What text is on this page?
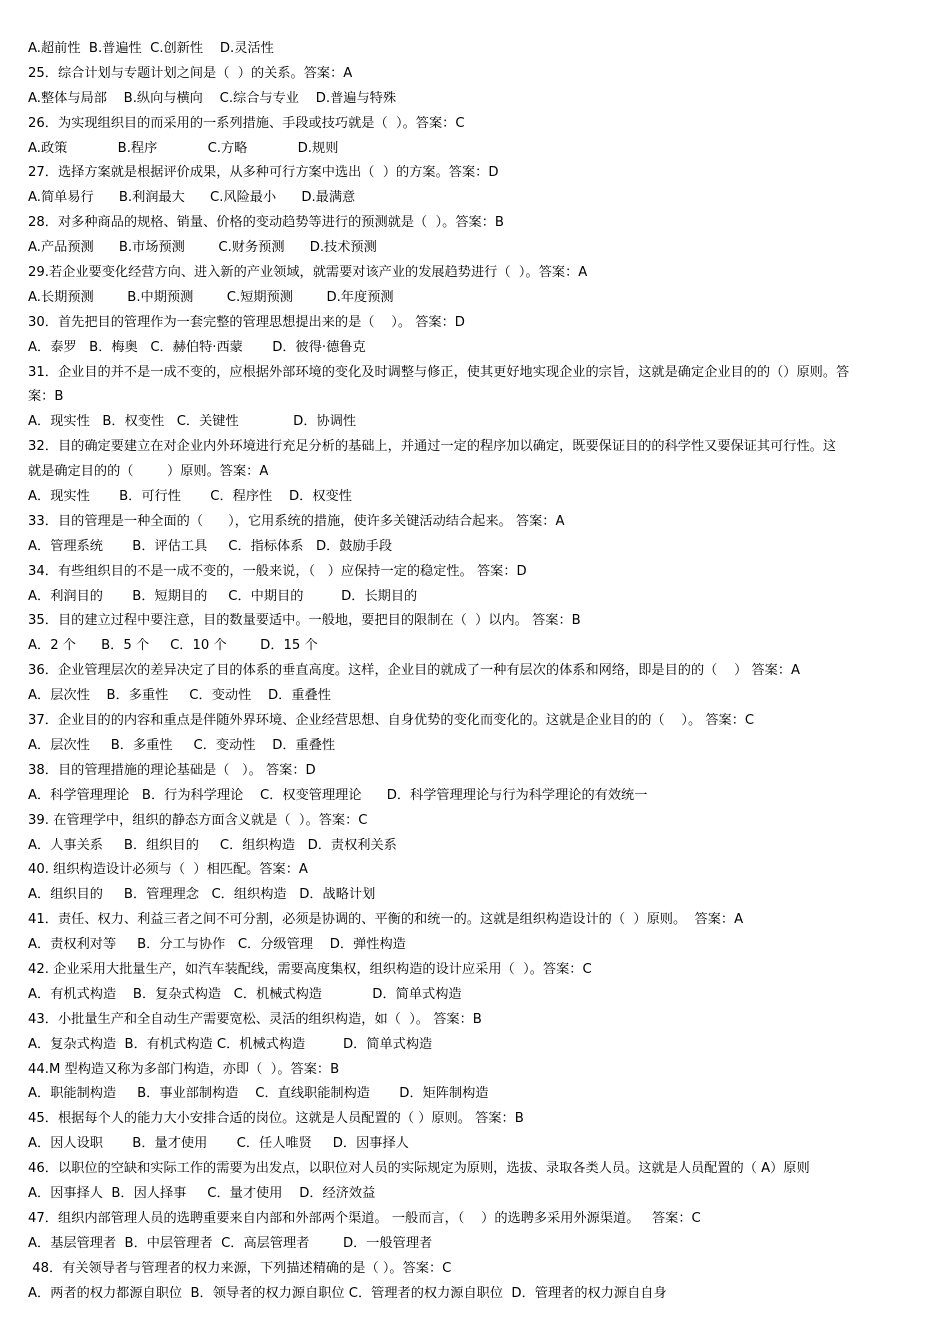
A.超前性  B.普遍性  C.创新性    D.灵活性
25．综合计划与专题计划之间是（  ）的关系。答案：A
A.整体与局部    B.纵向与横向    C.综合与专业    D.普遍与特殊
26．为实现组织目的而采用的一系列措施、手段或技巧就是（  ）。答案：C
A.政策            B.程序            C.方略            D.规则
27．选择方案就是根据评价成果，从多种可行方案中选出（  ）的方案。答案：D
A.简单易行      B.利润最大      C.风险最小      D.最满意
28．对多种商品的规格、销量、价格的变动趋势等进行的预测就是（  ）。答案：B
A.产品预测      B.市场预测        C.财务预测      D.技术预测
29.若企业要变化经营方向、进入新的产业领域，就需要对该产业的发展趋势进行（  ）。答案：A
A.长期预测        B.中期预测        C.短期预测        D.年度预测
30．首先把目的管理作为一套完整的管理思想提出来的是（    ）。 答案：D
A．泰罗   B．梅奥   C．赫伯特·西蒙       D．彼得·德鲁克
31．企业目的并不是一成不变的，应根据外部环境的变化及时调整与修正，使其更好地实现企业的宗旨，这就是确定企业目的的（）原则。答
案：B
A．现实性   B．权变性   C．关键性             D．协调性
32．目的确定要建立在对企业内外环境进行充足分析的基础上，并通过一定的程序加以确定，既要保证目的的科学性又要保证其可行性。这
就是确定目的的（        ）原则。答案：A
A．现实性       B．可行性       C．程序性    D．权变性
33．目的管理是一种全面的（      ），它用系统的措施，使许多关键活动结合起来。 答案：A
A．管理系统       B．评估工具     C．指标体系   D．鼓励手段
34．有些组织目的不是一成不变的，一般来说，（   ）应保持一定的稳定性。 答案：D
A．利润目的       B．短期目的     C．中期目的         D．长期目的
35．目的建立过程中要注意，目的数量要适中。一般地，要把目的限制在（  ）以内。 答案：B
A．2 个      B．5 个     C．10 个        D．15 个
36．企业管理层次的差异决定了目的体系的垂直高度。这样，企业目的就成了一种有层次的体系和网络，即是目的的（    ） 答案：A
A．层次性    B．多重性     C．变动性    D．重叠性
37．企业目的的内容和重点是伴随外界环境、企业经营思想、自身优势的变化而变化的。这就是企业目的的（    ）。 答案：C
A．层次性     B．多重性     C．变动性    D．重叠性
38．目的管理措施的理论基础是（   ）。 答案：D
A．科学管理理论   B．行为科学理论    C．权变管理理论      D．科学管理理论与行为科学理论的有效统一
39. 在管理学中，组织的静态方面含义就是（  ）。答案：C
A．人事关系     B．组织目的     C．组织构造   D．责权利关系
40. 组织构造设计必须与（  ）相匹配。答案：A
A．组织目的     B．管理理念   C．组织构造   D．战略计划
41．责任、权力、利益三者之间不可分割，必须是协调的、平衡的和统一的。这就是组织构造设计的（  ）原则。  答案：A
A．责权利对等     B．分工与协作   C．分级管理    D．弹性构造
42. 企业采用大批量生产，如汽车装配线，需要高度集权，组织构造的设计应采用（  ）。答案：C
A．有机式构造    B．复杂式构造   C．机械式构造            D．简单式构造
43．小批量生产和全自动生产需要宽松、灵活的组织构造，如（  ）。 答案：B
A．复杂式构造  B．有机式构造 C．机械式构造         D．简单式构造
44.M 型构造又称为多部门构造，亦即（  ）。答案：B
A．职能制构造     B．事业部制构造    C．直线职能制构造       D．矩阵制构造
45．根据每个人的能力大小安排合适的岗位。这就是人员配置的（ ）原则。 答案：B
A．因人设职       B．量才使用       C．任人唯贤     D．因事择人
46．以职位的空缺和实际工作的需要为出发点，以职位对人员的实际规定为原则，选拔、录取各类人员。这就是人员配置的（ A）原则
A．因事择人  B．因人择事     C．量才使用    D．经济效益
47．组织内部管理人员的选聘重要来自内部和外部两个渠道。 一般而言，（    ）的选聘多采用外源渠道。   答案：C
A．基层管理者  B．中层管理者  C．高层管理者        D．一般管理者
48．有关领导者与管理者的权力来源，下列描述精确的是（ ）。答案：C
A．两者的权力都源自职位  B．领导者的权力源自职位 C．管理者的权力源自职位  D．管理者的权力源自自身
